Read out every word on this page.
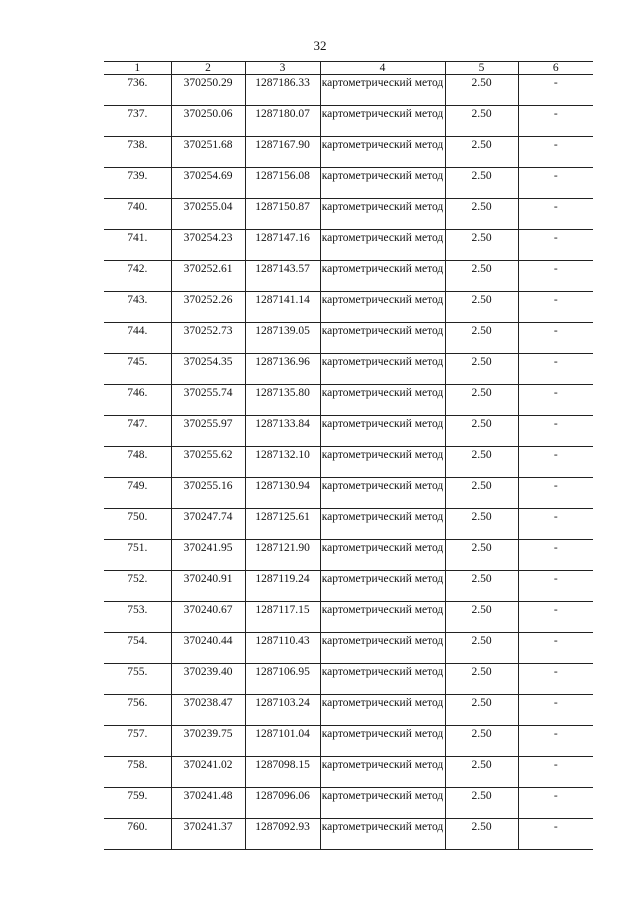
32
1	2	3	4	5	6
736.	370250.29	1287186.33	картометрический метод	2.50	-
737.	370250.06	1287180.07	картометрический метод	2.50	-
738.	370251.68	1287167.90	картометрический метод	2.50	-
739.	370254.69	1287156.08	картометрический метод	2.50	-
740.	370255.04	1287150.87	картометрический метод	2.50	-
741.	370254.23	1287147.16	картометрический метод	2.50	-
742.	370252.61	1287143.57	картометрический метод	2.50	-
743.	370252.26	1287141.14	картометрический метод	2.50	-
744.	370252.73	1287139.05	картометрический метод	2.50	-
745.	370254.35	1287136.96	картометрический метод	2.50	-
746.	370255.74	1287135.80	картометрический метод	2.50	-
747.	370255.97	1287133.84	картометрический метод	2.50	-
748.	370255.62	1287132.10	картометрический метод	2.50	-
749.	370255.16	1287130.94	картометрический метод	2.50	-
750.	370247.74	1287125.61	картометрический метод	2.50	-
751.	370241.95	1287121.90	картометрический метод	2.50	-
752.	370240.91	1287119.24	картометрический метод	2.50	-
753.	370240.67	1287117.15	картометрический метод	2.50	-
754.	370240.44	1287110.43	картометрический метод	2.50	-
755.	370239.40	1287106.95	картометрический метод	2.50	-
756.	370238.47	1287103.24	картометрический метод	2.50	-
757.	370239.75	1287101.04	картометрический метод	2.50	-
758.	370241.02	1287098.15	картометрический метод	2.50	-
759.	370241.48	1287096.06	картометрический метод	2.50	-
760.	370241.37	1287092.93	картометрический метод	2.50	-
